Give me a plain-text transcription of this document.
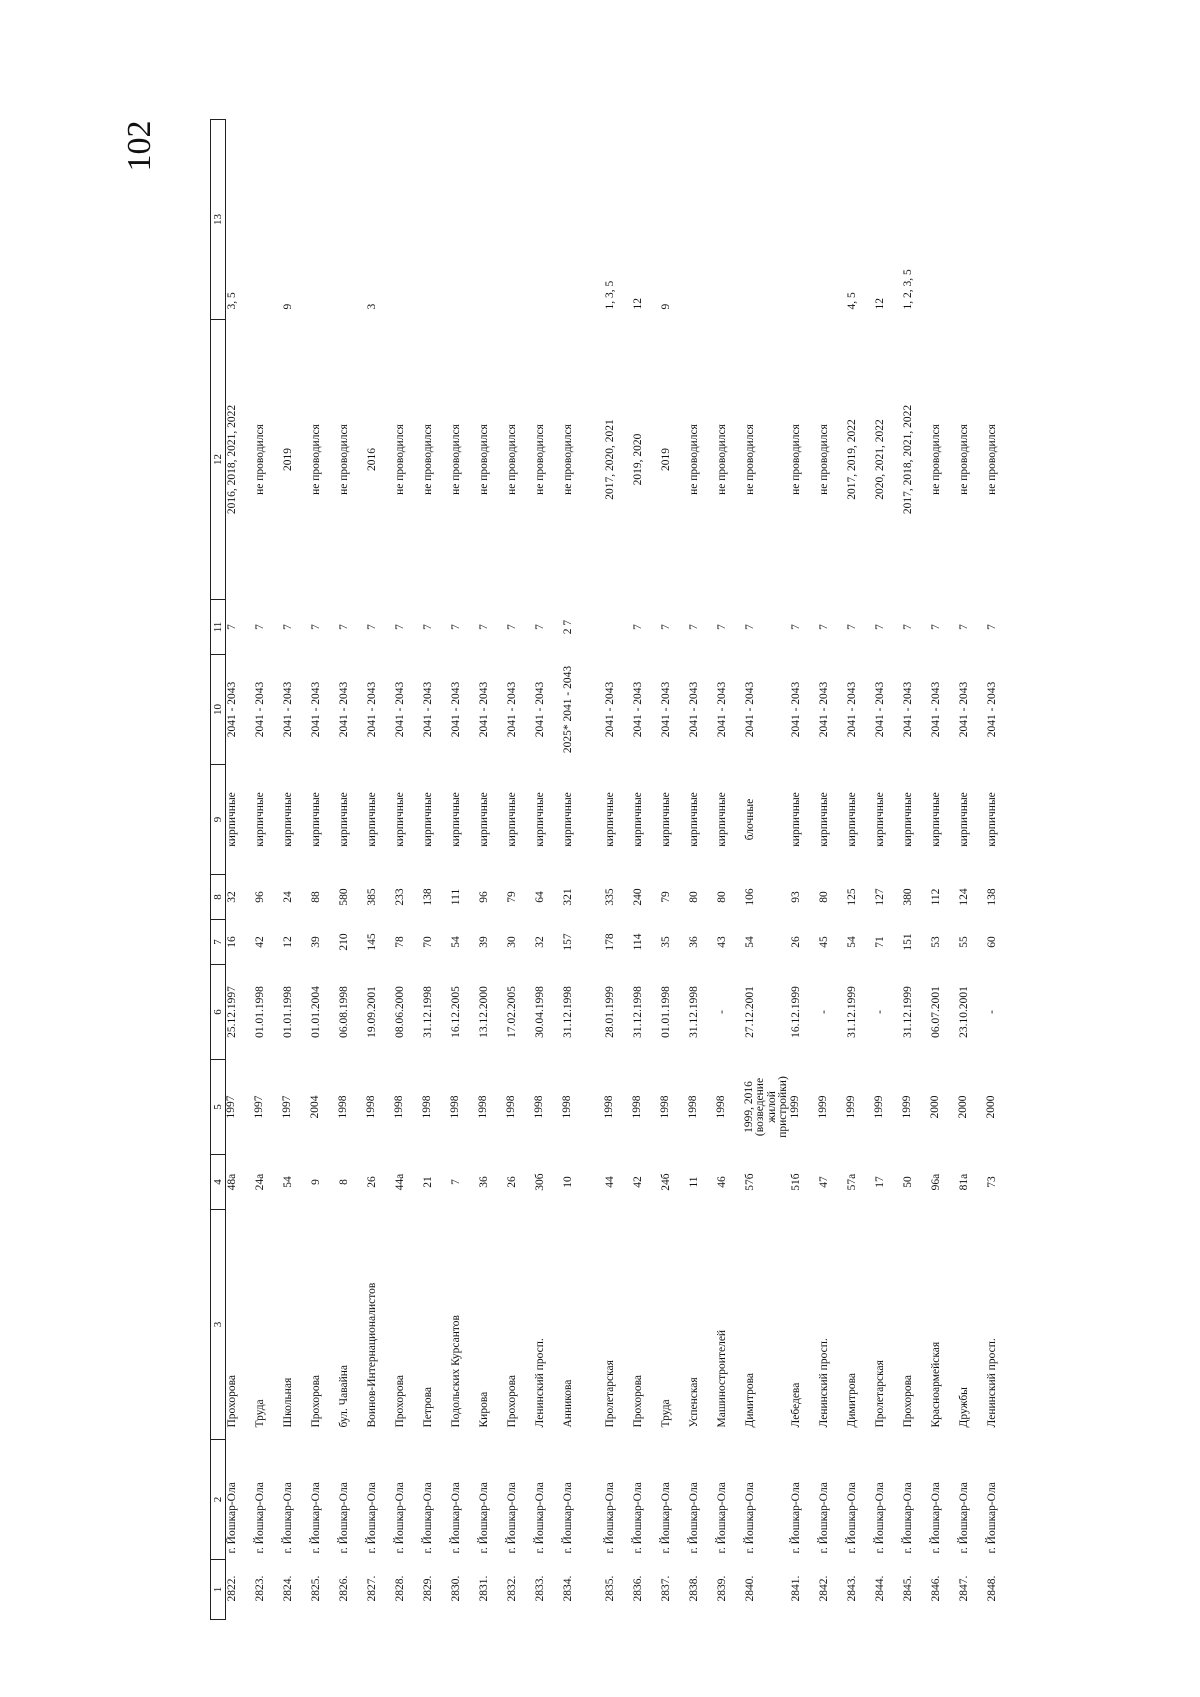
102
1	2	3	4	5	6	7	8	9	10	11	12	13
2822.	г. Йошкар-Ола	Прохорова	48а	1997	25.12.1997	16	32	кирпичные	2041 - 2043	7	2016, 2018, 2021, 2022	3, 5
2823.	г. Йошкар-Ола	Труда	24а	1997	01.01.1998	42	96	кирпичные	2041 - 2043	7	не проводился	
2824.	г. Йошкар-Ола	Школьная	54	1997	01.01.1998	12	24	кирпичные	2041 - 2043	7	2019	9
2825.	г. Йошкар-Ола	Прохорова	9	2004	01.01.2004	39	88	кирпичные	2041 - 2043	7	не проводился	
2826.	г. Йошкар-Ола	бул. Чавайна	8	1998	06.08.1998	210	580	кирпичные	2041 - 2043	7	не проводился	
2827.	г. Йошкар-Ола	Воинов-Интернационалистов	26	1998	19.09.2001	145	385	кирпичные	2041 - 2043	7	2016	3
2828.	г. Йошкар-Ола	Прохорова	44а	1998	08.06.2000	78	233	кирпичные	2041 - 2043	7	не проводился	
2829.	г. Йошкар-Ола	Петрова	21	1998	31.12.1998	70	138	кирпичные	2041 - 2043	7	не проводился	
2830.	г. Йошкар-Ола	Подольских Курсантов	7	1998	16.12.2005	54	111	кирпичные	2041 - 2043	7	не проводился	
2831.	г. Йошкар-Ола	Кирова	36	1998	13.12.2000	39	96	кирпичные	2041 - 2043	7	не проводился	
2832.	г. Йошкар-Ола	Прохорова	26	1998	17.02.2005	30	79	кирпичные	2041 - 2043	7	не проводился	
2833.	г. Йошкар-Ола	Ленинский просп.	30б	1998	30.04.1998	32	64	кирпичные	2041 - 2043	7	не проводился	
2834.	г. Йошкар-Ола	Анникова	10	1998	31.12.1998	157	321	кирпичные	2025* 2041 - 2043	2 7	не проводился	
2835.	г. Йошкар-Ола	Пролетарская	44	1998	28.01.1999	178	335	кирпичные	2041 - 2043		2017, 2020, 2021	1, 3, 5
2836.	г. Йошкар-Ола	Прохорова	42	1998	31.12.1998	114	240	кирпичные	2041 - 2043	7	2019, 2020	12
2837.	г. Йошкар-Ола	Труда	24б	1998	01.01.1998	35	79	кирпичные	2041 - 2043	7	2019	9
2838.	г. Йошкар-Ола	Успенская	11	1998	31.12.1998	36	80	кирпичные	2041 - 2043	7	не проводился	
2839.	г. Йошкар-Ола	Машиностроителей	46	1998	-	43	80	кирпичные	2041 - 2043	7	не проводился	
2840.	г. Йошкар-Ола	Димитрова	57б	1999, 2016 (возведение жилой пристройки)	27.12.2001	54	106	блочные	2041 - 2043	7	не проводился	
2841.	г. Йошкар-Ола	Лебедева	51б	1999	16.12.1999	26	93	кирпичные	2041 - 2043	7	не проводился	
2842.	г. Йошкар-Ола	Ленинский просп.	47	1999	-	45	80	кирпичные	2041 - 2043	7	не проводился	
2843.	г. Йошкар-Ола	Димитрова	57а	1999	31.12.1999	54	125	кирпичные	2041 - 2043	7	2017, 2019, 2022	4, 5
2844.	г. Йошкар-Ола	Пролетарская	17	1999	-	71	127	кирпичные	2041 - 2043	7	2020, 2021, 2022	12
2845.	г. Йошкар-Ола	Прохорова	50	1999	31.12.1999	151	380	кирпичные	2041 - 2043	7	2017, 2018, 2021, 2022	1, 2, 3, 5
2846.	г. Йошкар-Ола	Красноармейская	96а	2000	06.07.2001	53	112	кирпичные	2041 - 2043	7	не проводился	
2847.	г. Йошкар-Ола	Дружбы	81а	2000	23.10.2001	55	124	кирпичные	2041 - 2043	7	не проводился	
2848.	г. Йошкар-Ола	Ленинский просп.	73	2000	-	60	138	кирпичные	2041 - 2043	7	не проводился	
